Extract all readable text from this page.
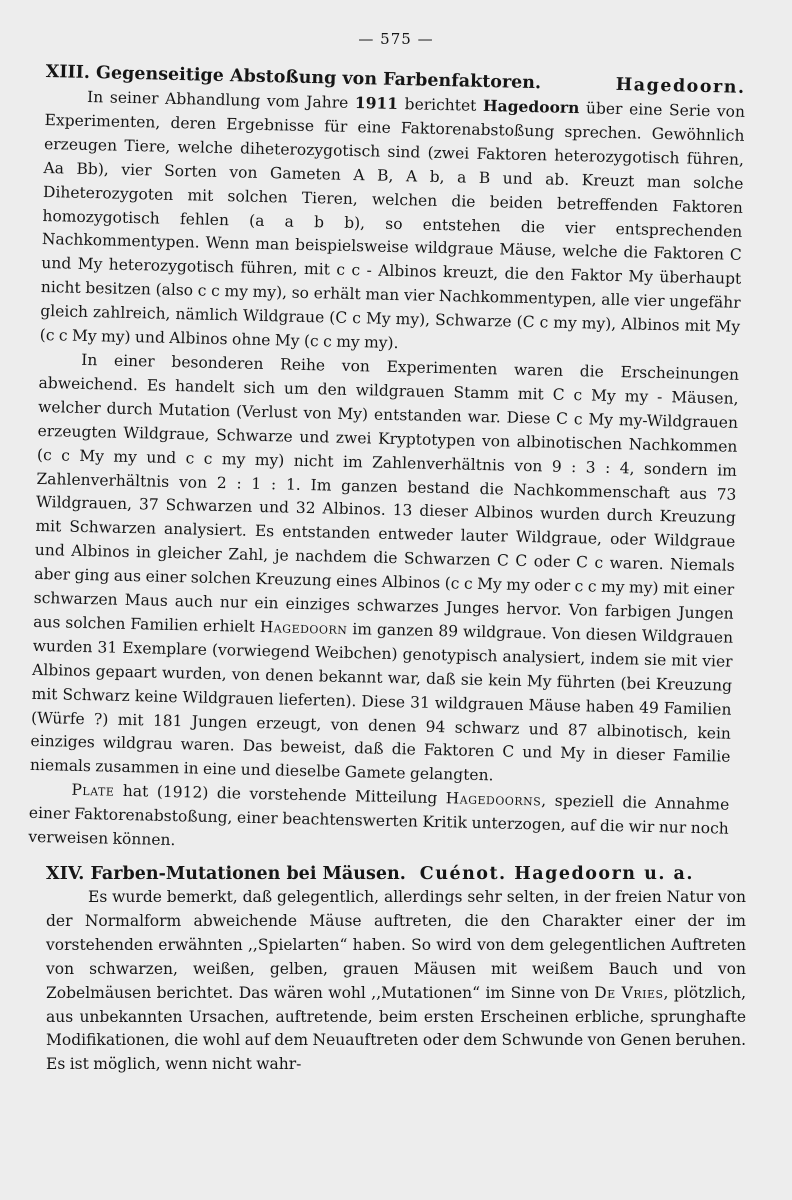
— 575 —
XIII. Gegenseitige Abstoßung von Farbenfaktoren.	Hagedoorn.

In seiner Abhandlung vom Jahre 1911 berichtet Hagedoorn über eine Serie von Experimenten, deren Ergebnisse für eine Faktorenabstoßung sprechen. Gewöhnlich erzeugen Tiere, welche diheterozygotisch sind (zwei Faktoren heterozygotisch führen, Aa Bb), vier Sorten von Gameten A B, A b, a B und ab. Kreuzt man solche Diheterozygoten mit solchen Tieren, welchen die beiden betreffenden Faktoren homozygotisch fehlen (a a b b), so entstehen die vier entsprechenden Nachkommentypen. Wenn man beispielsweise wildgraue Mäuse, welche die Faktoren C und My heterozygotisch führen, mit c c - Albinos kreuzt, die den Faktor My überhaupt nicht besitzen (also c c my my), so erhält man vier Nachkommentypen, alle vier ungefähr gleich zahlreich, nämlich Wildgraue (C c My my), Schwarze (C c my my), Albinos mit My (c c My my) und Albinos ohne My (c c my my).

In einer besonderen Reihe von Experimenten waren die Erscheinungen abweichend. Es handelt sich um den wildgrauen Stamm mit C c My my - Mäusen, welcher durch Mutation (Verlust von My) entstanden war. Diese C c My my-Wildgrauen erzeugten Wildgraue, Schwarze und zwei Kryptotypen von albinotischen Nachkommen (c c My my und c c my my) nicht im Zahlenverhältnis von 9 : 3 : 4, sondern im Zahlenverhältnis von 2 : 1 : 1. Im ganzen bestand die Nachkommenschaft aus 73 Wildgrauen, 37 Schwarzen und 32 Albinos. 13 dieser Albinos wurden durch Kreuzung mit Schwarzen analysiert. Es entstanden entweder lauter Wildgraue, oder Wildgraue und Albinos in gleicher Zahl, je nachdem die Schwarzen C C oder C c waren. Niemals aber ging aus einer solchen Kreuzung eines Albinos (c c My my oder c c my my) mit einer schwarzen Maus auch nur ein einziges schwarzes Junges hervor. Von farbigen Jungen aus solchen Familien erhielt Hagedoorn im ganzen 89 wildgraue. Von diesen Wildgrauen wurden 31 Exemplare (vorwiegend Weibchen) genotypisch analysiert, indem sie mit vier Albinos gepaart wurden, von denen bekannt war, daß sie kein My führten (bei Kreuzung mit Schwarz keine Wildgrauen lieferten). Diese 31 wildgrauen Mäuse haben 49 Familien (Würfe ?) mit 181 Jungen erzeugt, von denen 94 schwarz und 87 albinotisch, kein einziges wildgrau waren. Das beweist, daß die Faktoren C und My in dieser Familie niemals zusammen in eine und dieselbe Gamete gelangten.

Plate hat (1912) die vorstehende Mitteilung Hagedoorns, speziell die Annahme einer Faktorenabstoßung, einer beachtenswerten Kritik unterzogen, auf die wir nur noch verweisen können.

XIV. Farben-Mutationen bei Mäusen. Cuénot. Hagedoorn u. a.

Es wurde bemerkt, daß gelegentlich, allerdings sehr selten, in der freien Natur von der Normalform abweichende Mäuse auftreten, die den Charakter einer der im vorstehenden erwähnten ,,Spielarten“ haben. So wird von dem gelegentlichen Auftreten von schwarzen, weißen, gelben, grauen Mäusen mit weißem Bauch und von Zobelmäusen berichtet. Das wären wohl ,,Mutationen“ im Sinne von De Vries, plötzlich, aus unbekannten Ursachen, auftretende, beim ersten Erscheinen erbliche, sprunghafte Modifikationen, die wohl auf dem Neuauftreten oder dem Schwunde von Genen beruhen. Es ist möglich, wenn nicht wahr-
